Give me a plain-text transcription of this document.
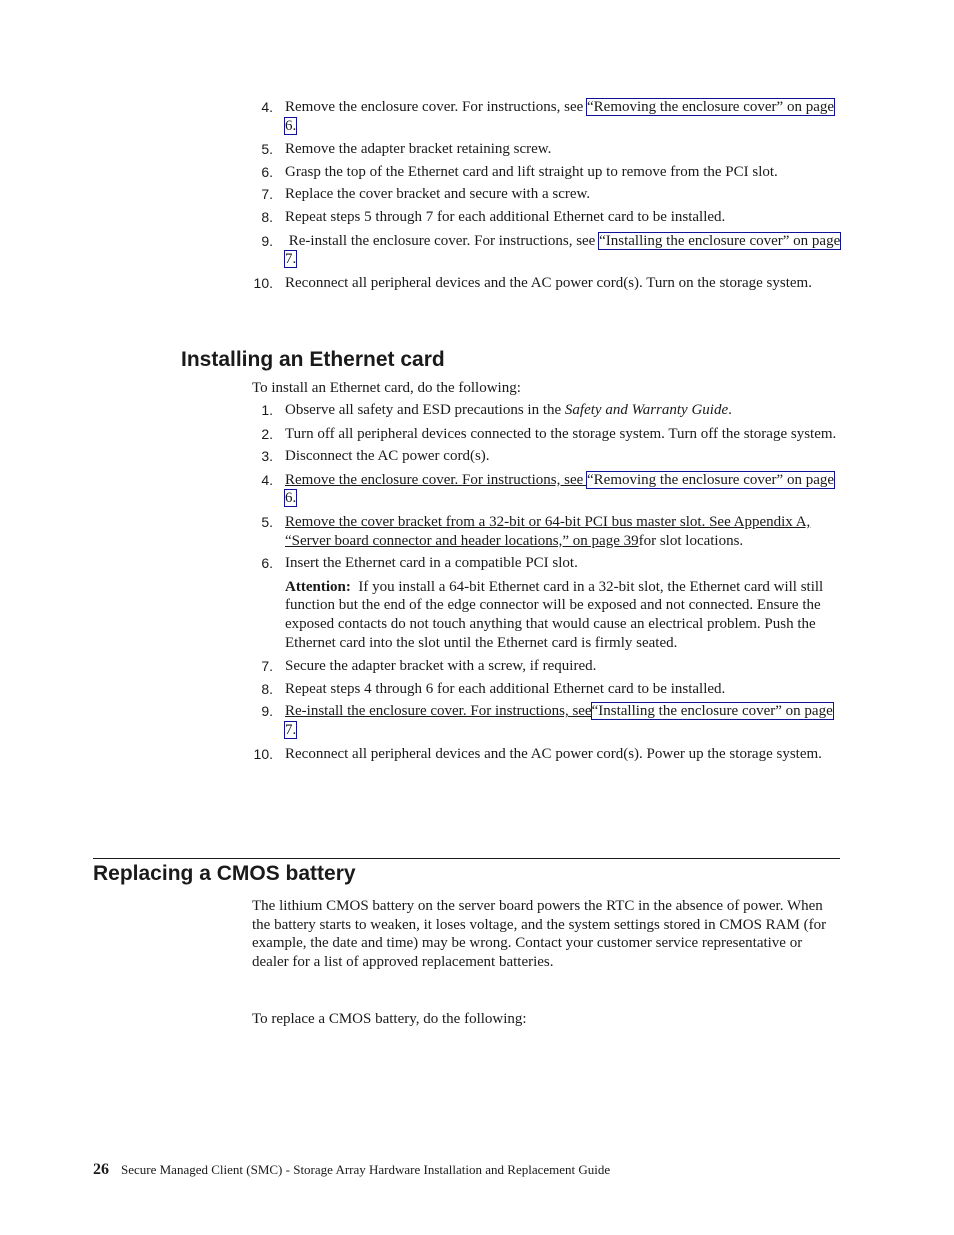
4. Remove the enclosure cover. For instructions, see “Removing the enclosure cover” on page 6.
5. Remove the adapter bracket retaining screw.
6. Grasp the top of the Ethernet card and lift straight up to remove from the PCI slot.
7. Replace the cover bracket and secure with a screw.
8. Repeat steps 5 through 7 for each additional Ethernet card to be installed.
9. Re-install the enclosure cover. For instructions, see “Installing the enclosure cover” on page 7.
10. Reconnect all peripheral devices and the AC power cord(s). Turn on the storage system.
Installing an Ethernet card

To install an Ethernet card, do the following:

1. Observe all safety and ESD precautions in the Safety and Warranty Guide.
2. Turn off all peripheral devices connected to the storage system. Turn off the storage system.
3. Disconnect the AC power cord(s).
4. Remove the enclosure cover. For instructions, see “Removing the enclosure cover” on page 6.
5. Remove the cover bracket from a 32-bit or 64-bit PCI bus master slot. See Appendix A, “Server board connector and header locations,” on page 39for slot locations.
6. Insert the Ethernet card in a compatible PCI slot.
Attention: If you install a 64-bit Ethernet card in a 32-bit slot, the Ethernet card will still function but the end of the edge connector will be exposed and not connected. Ensure the exposed contacts do not touch anything that would cause an electrical problem. Push the Ethernet card into the slot until the Ethernet card is firmly seated.
7. Secure the adapter bracket with a screw, if required.
8. Repeat steps 4 through 6 for each additional Ethernet card to be installed.
9. Re-install the enclosure cover. For instructions, see“Installing the enclosure cover” on page 7.
10. Reconnect all peripheral devices and the AC power cord(s). Power up the storage system.
Replacing a CMOS battery

The lithium CMOS battery on the server board powers the RTC in the absence of power. When the battery starts to weaken, it loses voltage, and the system settings stored in CMOS RAM (for example, the date and time) may be wrong. Contact your customer service representative or dealer for a list of approved replacement batteries.

To replace a CMOS battery, do the following:

26 Secure Managed Client (SMC) - Storage Array Hardware Installation and Replacement Guide
